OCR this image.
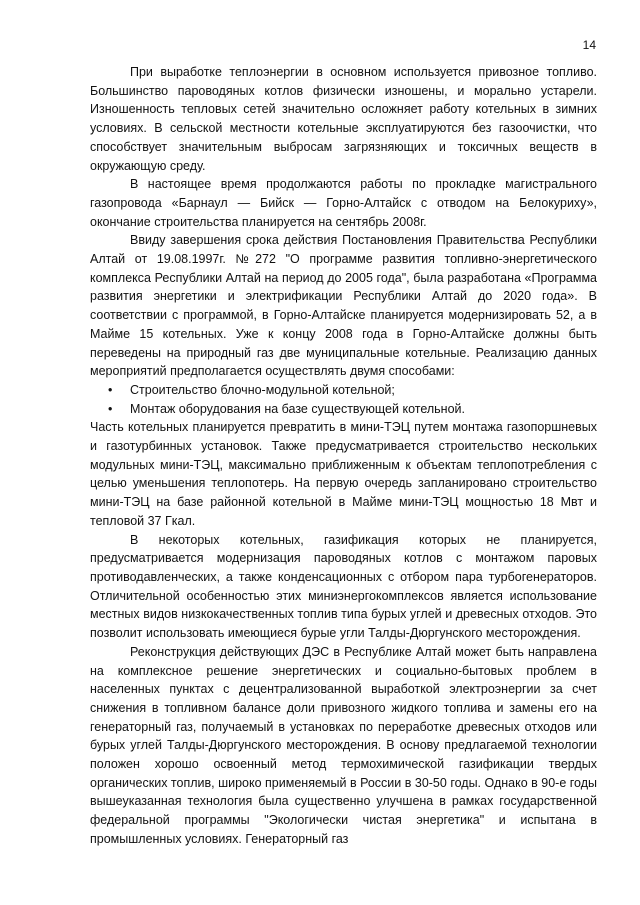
14

При выработке теплоэнергии в основном используется привозное топливо. Большинство пароводяных котлов физически изношены, и морально устарели. Изношенность тепловых сетей значительно осложняет работу котельных в зимних условиях. В сельской местности котельные эксплуатируются без газоочистки, что способствует значительным выбросам загрязняющих и токсичных веществ в окружающую среду.

В настоящее время продолжаются работы по прокладке магистрального газопровода «Барнаул — Бийск — Горно-Алтайск с отводом на Белокуриху», окончание строительства планируется на сентябрь 2008г.

Ввиду завершения срока действия Постановления Правительства Республики Алтай от 19.08.1997г. №272 "О программе развития топливно-энергетического комплекса Республики Алтай на период до 2005 года", была разработана «Программа развития энергетики и электрификации Республики Алтай до 2020 года». В соответствии с программой, в Горно-Алтайске планируется модернизировать 52, а в Майме 15 котельных. Уже к концу 2008 года в Горно-Алтайске должны быть переведены на природный газ две муниципальные котельные. Реализацию данных мероприятий предполагается осуществлять двумя способами:

• Строительство блочно-модульной котельной;
• Монтаж оборудования на базе существующей котельной.

Часть котельных планируется превратить в мини-ТЭЦ путем монтажа газопоршневых и газотурбинных установок. Также предусматривается строительство нескольких модульных мини-ТЭЦ, максимально приближенным к объектам теплопотребления с целью уменьшения теплопотерь. На первую очередь запланировано строительство мини-ТЭЦ на базе районной котельной в Майме мини-ТЭЦ мощностью 18 Мвт и тепловой 37 Гкал.

В некоторых котельных, газификация которых не планируется, предусматривается модернизация пароводяных котлов с монтажом паровых противодавленческих, а также конденсационных с отбором пара турбогенераторов. Отличительной особенностью этих миниэнергокомплексов является использование местных видов низкокачественных топлив типа бурых углей и древесных отходов. Это позволит использовать имеющиеся бурые угли Талды-Дюргунского месторождения.

Реконструкция действующих ДЭС в Республике Алтай может быть направлена на комплексное решение энергетических и социально-бытовых проблем в населенных пунктах с децентрализованной выработкой электроэнергии за счет снижения в топливном балансе доли привозного жидкого топлива и замены его на генераторный газ, получаемый в установках по переработке древесных отходов или бурых углей Талды-Дюргунского месторождения. В основу предлагаемой технологии положен хорошо освоенный метод термохимической газификации твердых органических топлив, широко применяемый в России в 30-50 годы. Однако в 90-е годы вышеуказанная технология была существенно улучшена в рамках государственной федеральной программы "Экологически чистая энергетика" и испытана в промышленных условиях. Генераторный газ
